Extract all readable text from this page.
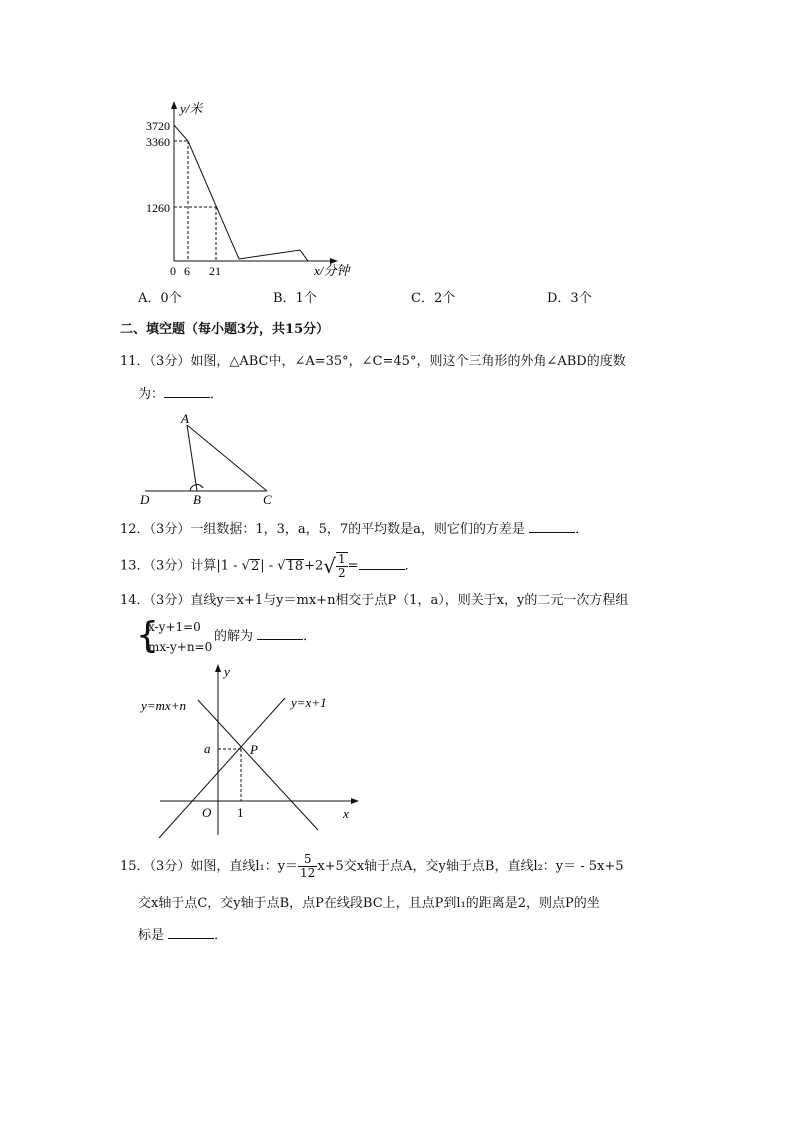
y/米
3720
3360
1260
0 6 21	x/分钟
A．0个	B．1个	C．2个	D．3个
二、填空题（每小题3分，共15分）
11．（3分）如图，△ABC中，∠A=35°，∠C=45°，则这个三角形的外角∠ABD的度数
为：	．
A
B	C
D
12．（3分）一组数据：1，3，a，5，7的平均数是a，则它们的方差是	．
13．（3分）计算$|1 - √2| - √18+2√ \frac{1}{2}$ =	．
14．（3分）直线y＝x+1与y＝mx+n相交于点P（1，a），则关于x，y的二元一次方程组
{
x-y+1=0
mx-y+n=0
的解为	．
y
x
O 1
a	P
y=mx+n	y=x+1
15．（3分）如图，直线l₁：$y= \frac{5}{12} x+5$交x轴于点A，交y轴于点B，直线l₂：y＝ - 5x+5
交x轴于点C，交y轴于点B，点P在线段BC上，且点P到l₁的距离是2，则点P的坐
标是	．
